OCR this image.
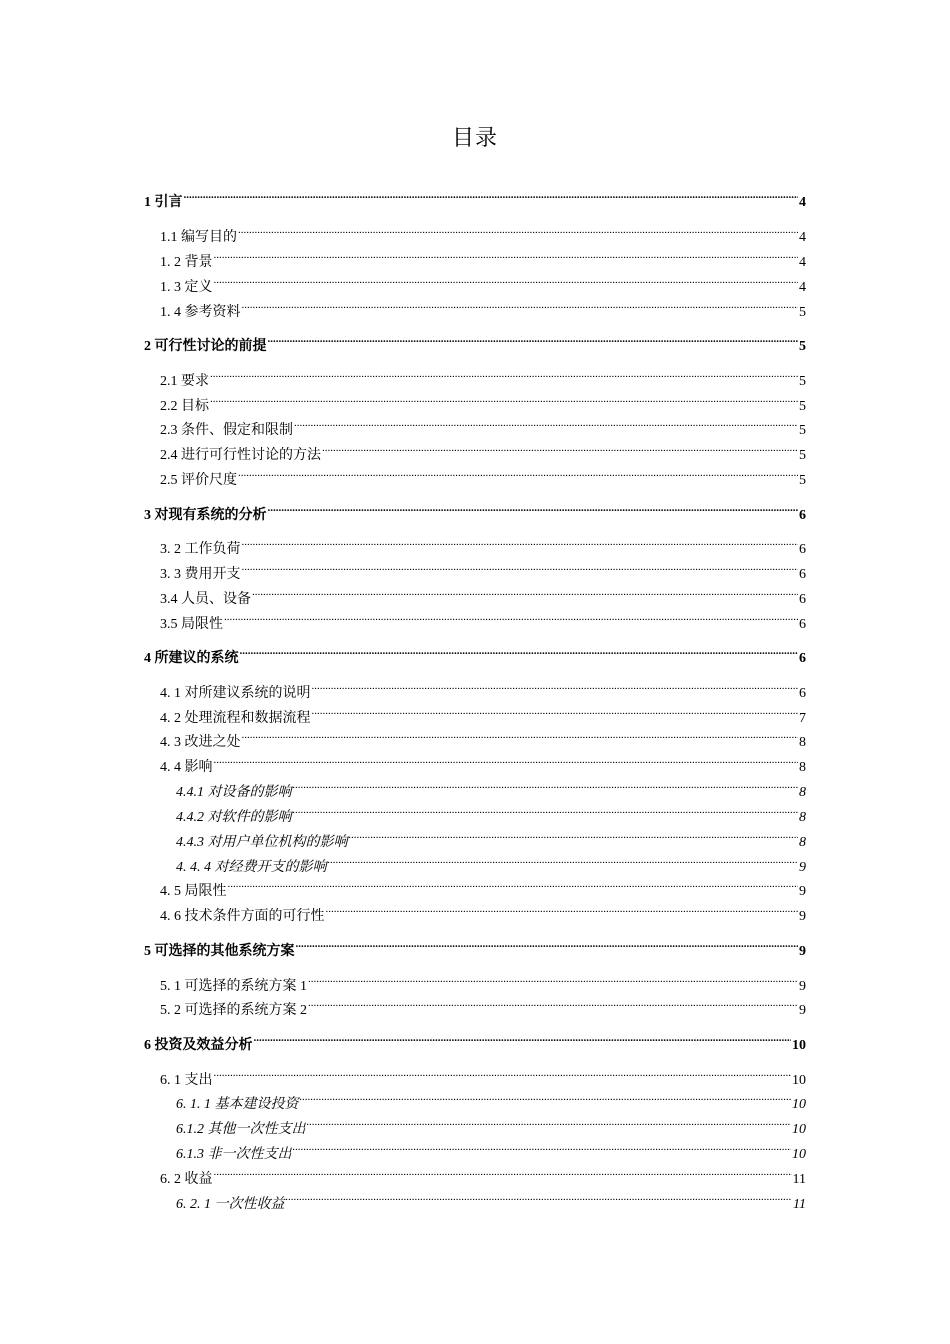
目录
1 引言 .....	4
1.1 编写目的 .....	4
1. 2 背景 .....	4
1. 3 定义 .....	4
1. 4 参考资料 .....	5
2 可行性讨论的前提 .....	5
2.1 要求 .....	5
2.2 目标 .....	5
2.3 条件、假定和限制 .....	5
2.4 进行可行性讨论的方法 .....	5
2.5 评价尺度 .....	5
3 对现有系统的分析 .....	6
3. 2 工作负荷 .....	6
3. 3 费用开支 .....	6
3.4 人员、设备 .....	6
3.5 局限性 .....	6
4 所建议的系统 .....	6
4. 1 对所建议系统的说明 .....	6
4. 2 处理流程和数据流程 .....	7
4. 3 改进之处 .....	8
4. 4 影响 .....	8
4.4.1 对设备的影响 .....	8
4.4.2 对软件的影响 .....	8
4.4.3 对用户单位机构的影响 .....	8
4. 4. 4 对经费开支的影响 .....	9
4. 5 局限性 .....	9
4. 6 技术条件方面的可行性 .....	9
5 可选择的其他系统方案 .....	9
5. 1 可选择的系统方案 1 .....	9
5. 2 可选择的系统方案 2 .....	9
6 投资及效益分析 .....	10
6. 1 支出 .....	10
6. 1. 1 基本建设投资 .....	10
6.1.2 其他一次性支出 .....	10
6.1.3 非一次性支出 .....	10
6. 2 收益 .....	11
6. 2. 1 一次性收益 .....	11
